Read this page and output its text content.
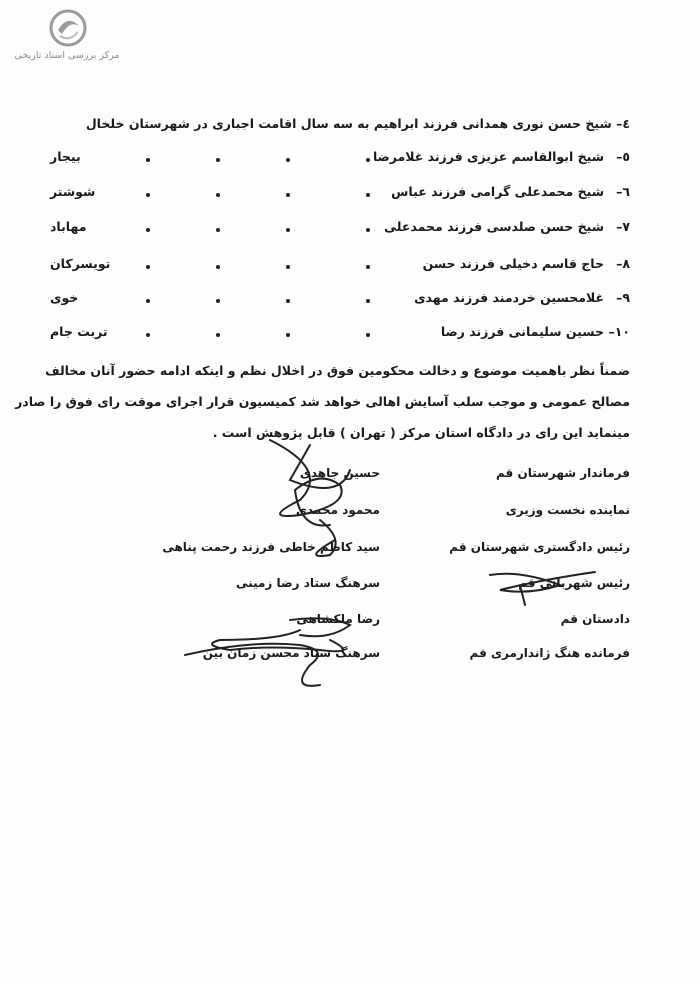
مرکز بررسی اسناد تاریخی
٤– شیخ حسن نوری همدانی فرزند ابراهیم به سه سال اقامت اجباری در شهرستان خلخال
٥–
شیخ ابوالقاسم عزیزی فرزند غلامرضا
بیجار
٦–
شیخ محمدعلی گرامی فرزند عباس
شوشتر
٧–
شیخ حسن صلدسی فرزند محمدعلی
مهاباد
٨–
حاج قاسم دخیلی فرزند حسن
تویسرکان
٩–
غلامحسین خردمند فرزند مهدی
خوی
١٠–
حسین سلیمانی فرزند رضا
تربت جام
ضمناً نظر باهمیت موضوع و دخالت محکومین فوق در اخلال نظم و اینکه ادامه حضور آنان مخالف
مصالح عمومی و موجب سلب آسایش اهالی خواهد شد کمیسیون قرار اجرای موقت رای فوق را صادر
مینماید این رای در دادگاه استان مرکز ( تهران ) قابل پژوهش است .
فرماندار شهرستان قم
حسین جاهدی
نماینده نخست وزیری
محمود محمدی
رئیس دادگستری شهرستان قم
سید کاظم خاطی فرزند رحمت پناهی
رئیس شهربانی قم
سرهنگ ستاد رضا زمینی
دادستان قم
رضا ملکشاهی
فرمانده هنگ ژاندارمری قم
سرهنگ ستاد محسن زمان بین
